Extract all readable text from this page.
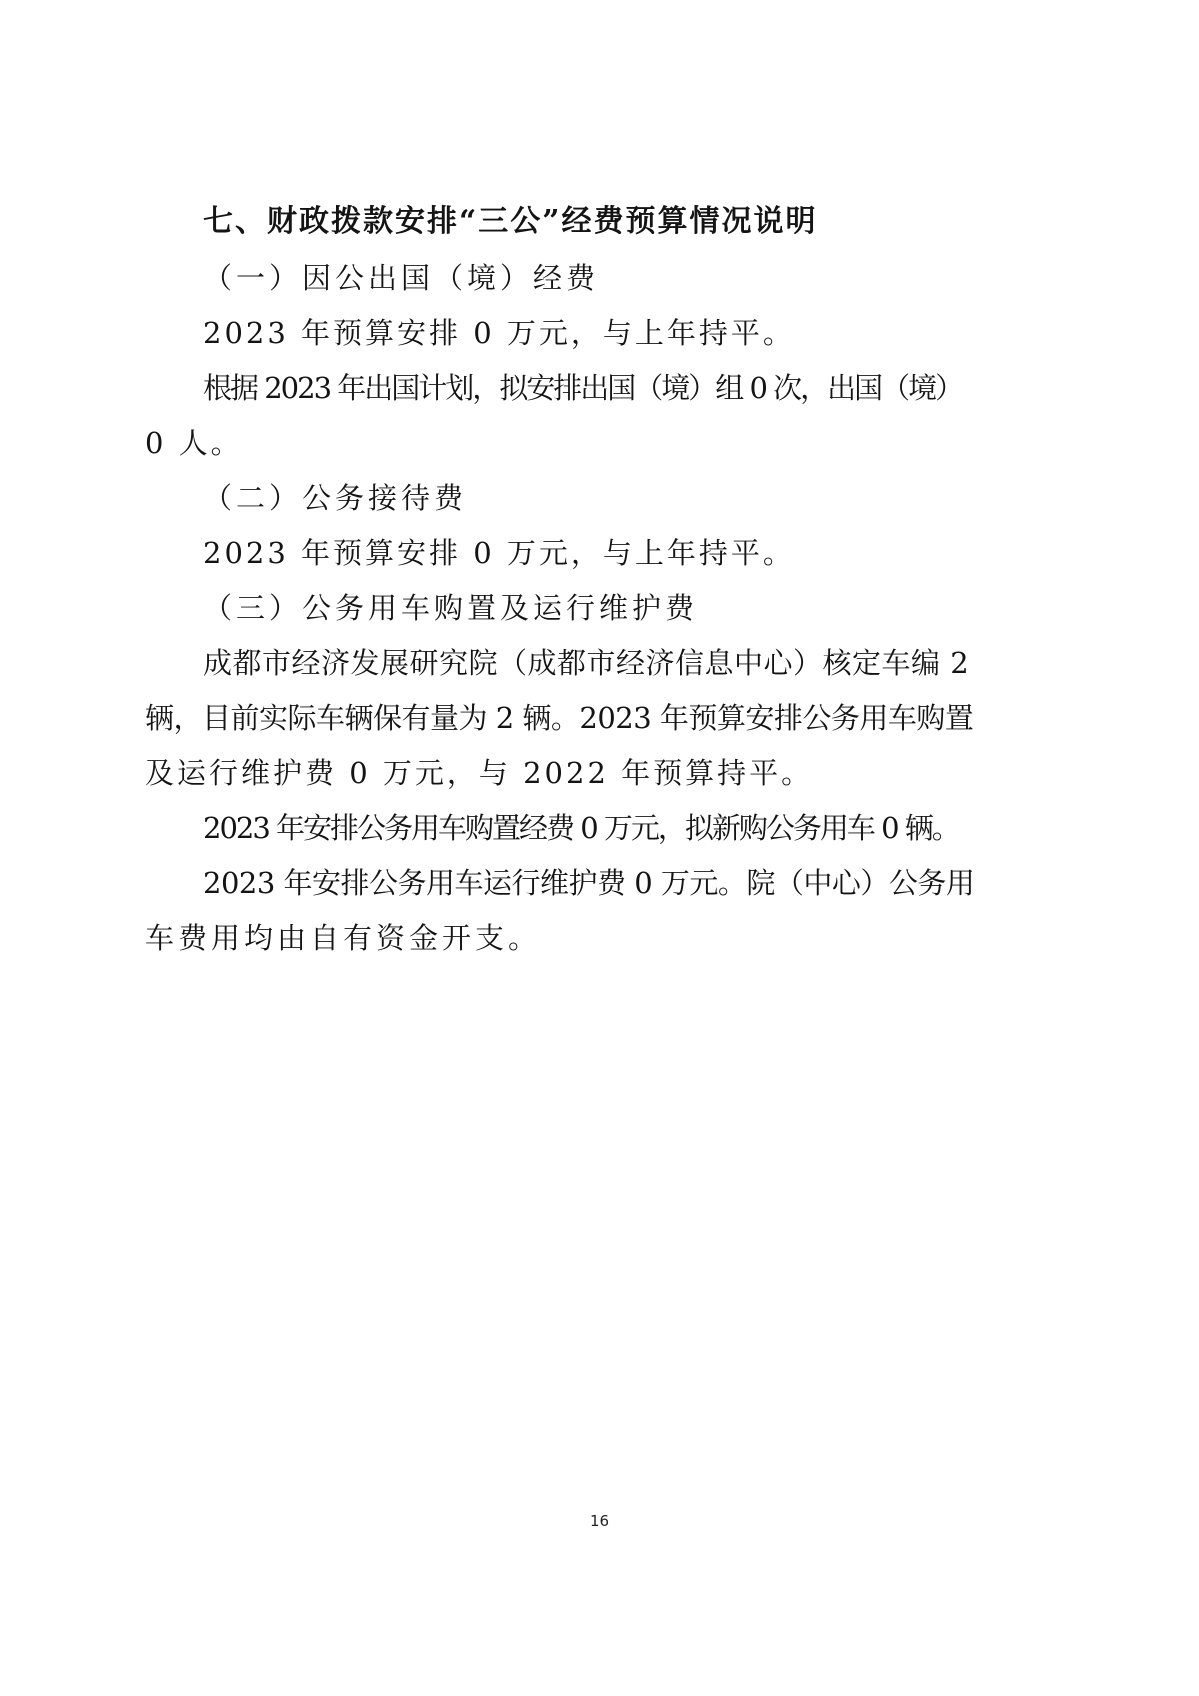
七、财政拨款安排“三公”经费预算情况说明
（一）因公出国（境）经费
2023 年预算安排 0 万元，与上年持平。
根据 2023 年出国计划，拟安排出国（境）组 0 次，出国（境）
0 人。
（二）公务接待费
2023 年预算安排 0 万元，与上年持平。
（三）公务用车购置及运行维护费
成都市经济发展研究院（成都市经济信息中心）核定车编 2
辆，目前实际车辆保有量为 2 辆。2023 年预算安排公务用车购置
及运行维护费 0 万元，与 2022 年预算持平。
2023 年安排公务用车购置经费 0 万元，拟新购公务用车 0 辆。
2023 年安排公务用车运行维护费 0 万元。院（中心）公务用
车费用均由自有资金开支。
16
